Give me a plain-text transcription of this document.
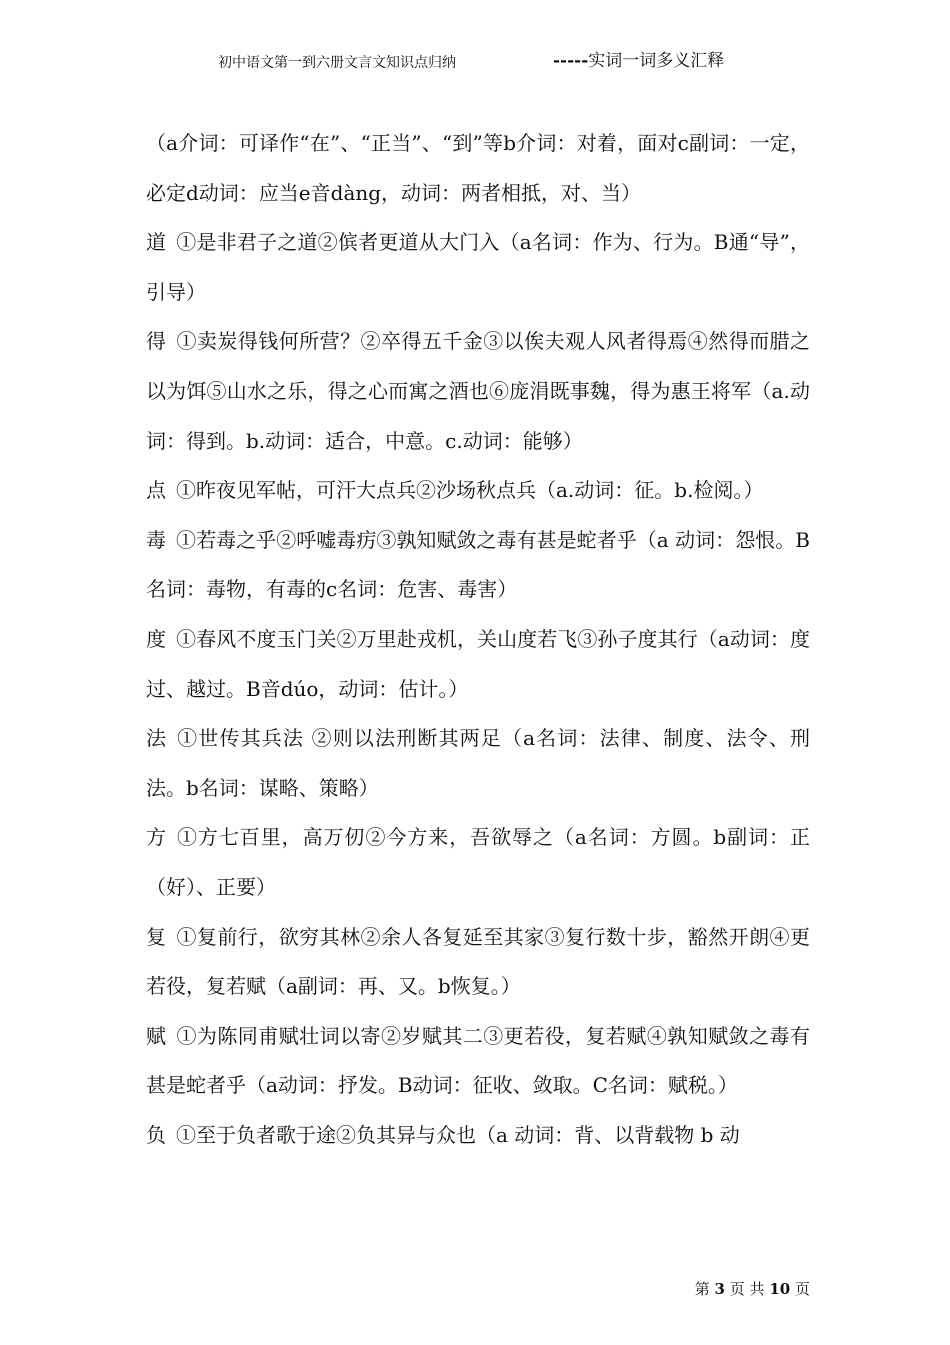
初中语文第一到六册文言文知识点归纳	-----实词一词多义汇释

（a介词：可译作“在”、“正当”、“到”等b介词：对着，面对c副词：一定，必定d动词：应当e音dàng，动词：两者相抵，对、当）

道 ①是非君子之道②傧者更道从大门入（a名词：作为、行为。B通“导”，引导）

得 ①卖炭得钱何所营？②卒得五千金③以俟夫观人风者得焉④然得而腊之以为饵⑤山水之乐，得之心而寓之酒也⑥庞涓既事魏，得为惠王将军（a.动词：得到。b.动词：适合，中意。c.动词：能够）

点 ①昨夜见军帖，可汗大点兵②沙场秋点兵（a.动词：征。b.检阅。）

毒 ①若毒之乎②呼嘘毒疠③孰知赋敛之毒有甚是蛇者乎（a 动词：怨恨。B名词：毒物，有毒的c名词：危害、毒害）

度 ①春风不度玉门关②万里赴戎机，关山度若飞③孙子度其行（a动词：度过、越过。B音dúo，动词：估计。）

法 ①世传其兵法 ②则以法刑断其两足（a名词：法律、制度、法令、刑法。b名词：谋略、策略）

方 ①方七百里，高万仞②今方来，吾欲辱之（a名词：方圆。b副词：正（好）、正要）

复 ①复前行，欲穷其林②余人各复延至其家③复行数十步，豁然开朗④更若役，复若赋（a副词：再、又。b恢复。）

赋 ①为陈同甫赋壮词以寄②岁赋其二③更若役，复若赋④孰知赋敛之毒有甚是蛇者乎（a动词：抒发。B动词：征收、敛取。C名词：赋税。）

负 ①至于负者歌于途②负其异与众也（a 动词：背、以背载物 b 动

第 3 页 共 10 页
